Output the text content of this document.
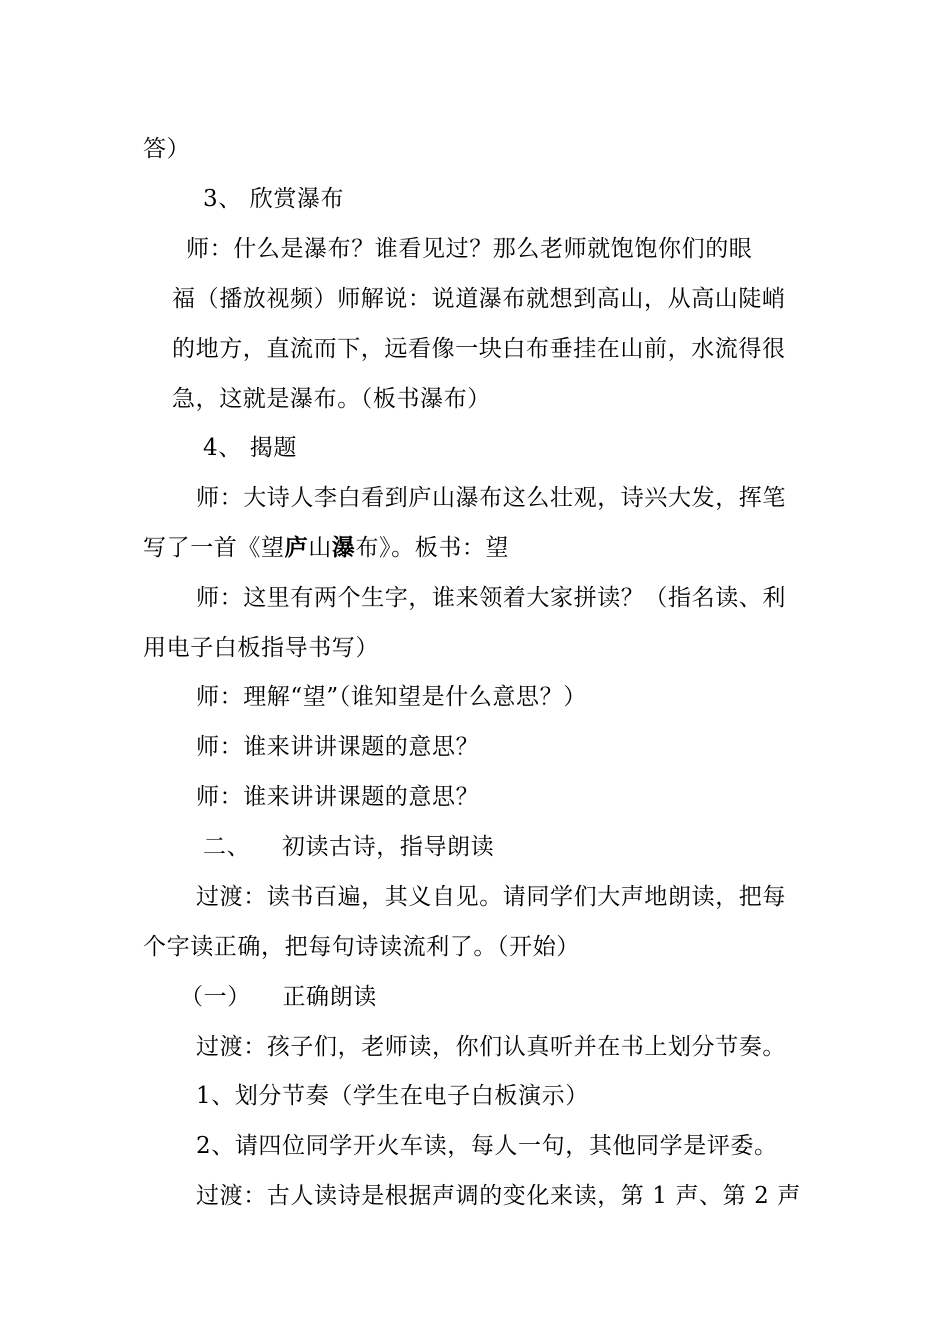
答）
3、 欣赏瀑布
师：什么是瀑布？谁看见过？那么老师就饱饱你们的眼
福（播放视频）师解说：说道瀑布就想到高山，从高山陡峭
的地方，直流而下，远看像一块白布垂挂在山前，水流得很
急，这就是瀑布。（板书瀑布）
4、 揭题
师：大诗人李白看到庐山瀑布这么壮观，诗兴大发，挥笔
写了一首《望庐山瀑布》。板书：望
师：这里有两个生字，谁来领着大家拼读？（指名读、利
用电子白板指导书写）
师：理解“望”（谁知望是什么意思？）
师：谁来讲讲课题的意思？
师：谁来讲讲课题的意思？
二、    初读古诗，指导朗读
过渡：读书百遍，其义自见。请同学们大声地朗读，把每
个字读正确，把每句诗读流利了。（开始）
（一）    正确朗读
过渡：孩子们，老师读，你们认真听并在书上划分节奏。
1、划分节奏（学生在电子白板演示）
2、请四位同学开火车读，每人一句，其他同学是评委。
过渡：古人读诗是根据声调的变化来读，第 1 声、第 2 声
